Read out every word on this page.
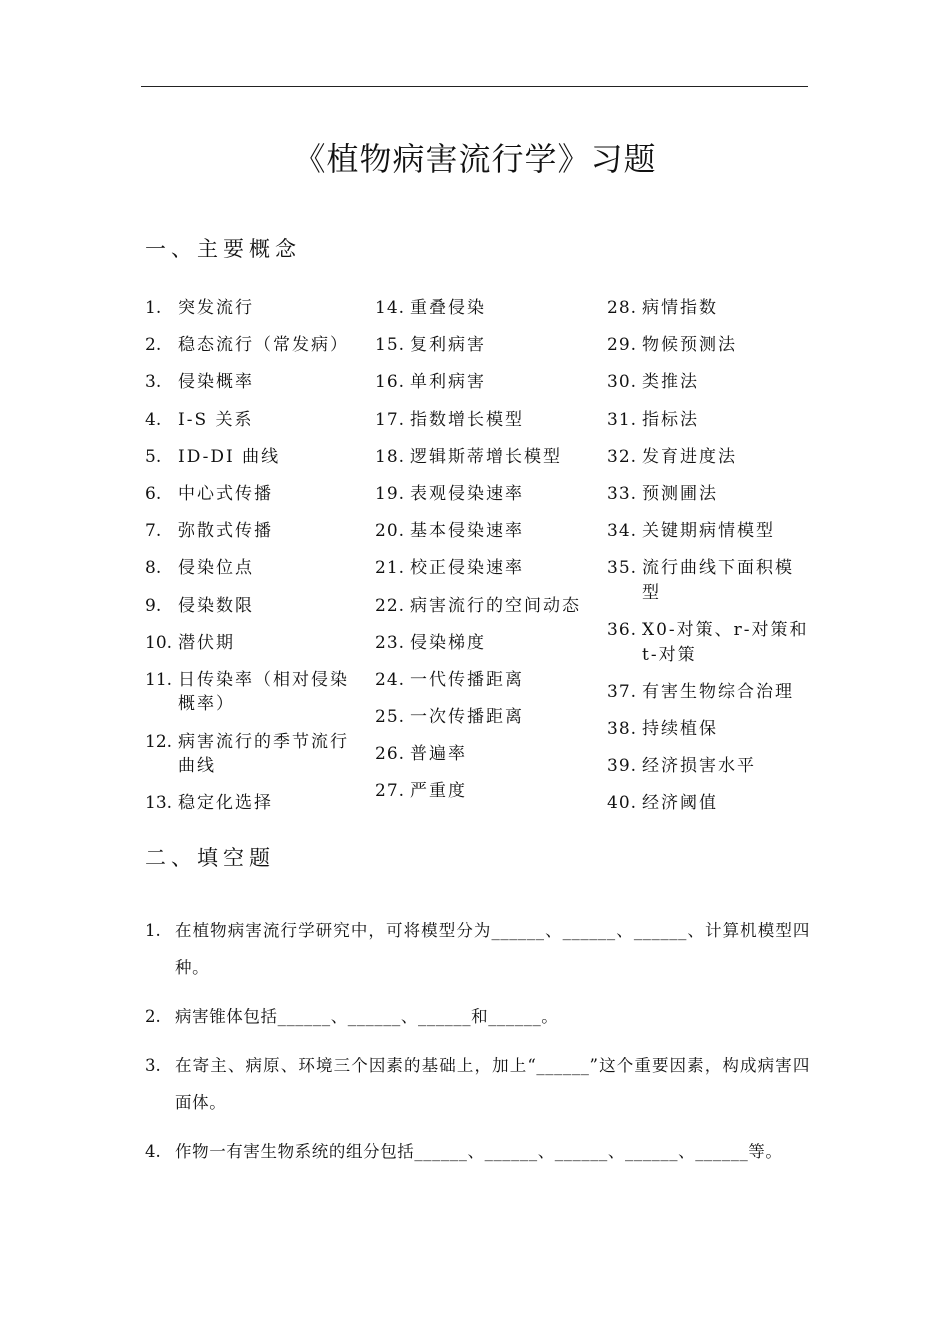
《植物病害流行学》习题
一、主要概念
1. 突发流行
2. 稳态流行（常发病）
3. 侵染概率
4. I-S 关系
5. ID-DI 曲线
6. 中心式传播
7. 弥散式传播
8. 侵染位点
9. 侵染数限
10. 潜伏期
11. 日传染率（相对侵染概率）
12. 病害流行的季节流行曲线
13. 稳定化选择
14. 重叠侵染
15. 复利病害
16. 单利病害
17. 指数增长模型
18. 逻辑斯蒂增长模型
19. 表观侵染速率
20. 基本侵染速率
21. 校正侵染速率
22. 病害流行的空间动态
23. 侵染梯度
24. 一代传播距离
25. 一次传播距离
26. 普遍率
27. 严重度
28. 病情指数
29. 物候预测法
30. 类推法
31. 指标法
32. 发育进度法
33. 预测圃法
34. 关键期病情模型
35. 流行曲线下面积模型
36. X0-对策、r-对策和t-对策
37. 有害生物综合治理
38. 持续植保
39. 经济损害水平
40. 经济阈值
二、填空题
1. 在植物病害流行学研究中，可将模型分为______、______、______、计算机模型四种。
2. 病害锥体包括______、______、______和______。
3. 在寄主、病原、环境三个因素的基础上，加上“______”这个重要因素，构成病害四面体。
4. 作物一有害生物系统的组分包括______、______、______、______、______等。
